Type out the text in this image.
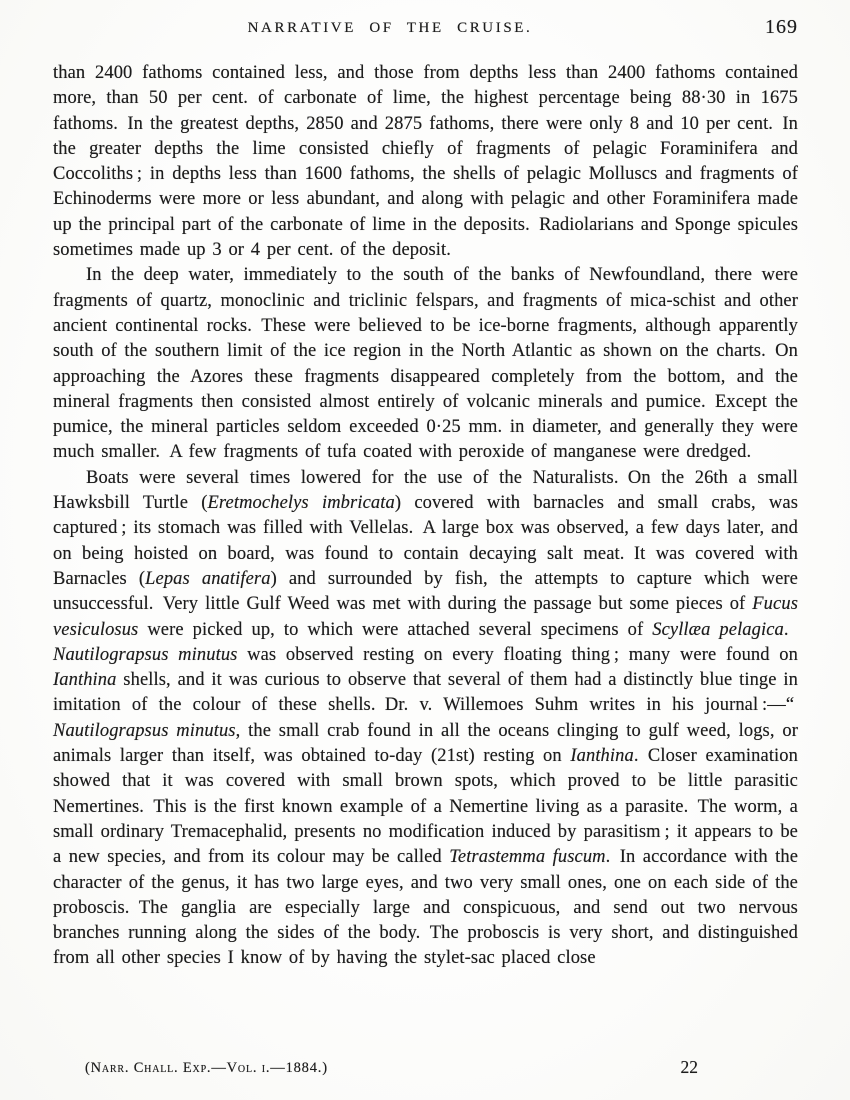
NARRATIVE OF THE CRUISE.	169

than 2400 fathoms contained less, and those from depths less than 2400 fathoms contained more, than 50 per cent. of carbonate of lime, the highest percentage being 88·30 in 1675 fathoms. In the greatest depths, 2850 and 2875 fathoms, there were only 8 and 10 per cent. In the greater depths the lime consisted chiefly of fragments of pelagic Foraminifera and Coccoliths ; in depths less than 1600 fathoms, the shells of pelagic Molluscs and fragments of Echinoderms were more or less abundant, and along with pelagic and other Foraminifera made up the principal part of the carbonate of lime in the deposits. Radiolarians and Sponge spicules sometimes made up 3 or 4 per cent. of the deposit.

In the deep water, immediately to the south of the banks of Newfoundland, there were fragments of quartz, monoclinic and triclinic felspars, and fragments of mica-schist and other ancient continental rocks. These were believed to be ice-borne fragments, although apparently south of the southern limit of the ice region in the North Atlantic as shown on the charts. On approaching the Azores these fragments disappeared completely from the bottom, and the mineral fragments then consisted almost entirely of volcanic minerals and pumice. Except the pumice, the mineral particles seldom exceeded 0·25 mm. in diameter, and generally they were much smaller. A few fragments of tufa coated with peroxide of manganese were dredged.

Boats were several times lowered for the use of the Naturalists. On the 26th a small Hawksbill Turtle (Eretmochelys imbricata) covered with barnacles and small crabs, was captured ; its stomach was filled with Vellelas. A large box was observed, a few days later, and on being hoisted on board, was found to contain decaying salt meat. It was covered with Barnacles (Lepas anatifera) and surrounded by fish, the attempts to capture which were unsuccessful. Very little Gulf Weed was met with during the passage but some pieces of Fucus vesiculosus were picked up, to which were attached several specimens of Scyllæa pelagica. Nautilograpsus minutus was observed resting on every floating thing ; many were found on Ianthina shells, and it was curious to observe that several of them had a distinctly blue tinge in imitation of the colour of these shells. Dr. v. Willemoes Suhm writes in his journal :—“ Nautilograpsus minutus, the small crab found in all the oceans clinging to gulf weed, logs, or animals larger than itself, was obtained to-day (21st) resting on Ianthina. Closer examination showed that it was covered with small brown spots, which proved to be little parasitic Nemertines. This is the first known example of a Nemertine living as a parasite. The worm, a small ordinary Tremacephalid, presents no modification induced by parasitism ; it appears to be a new species, and from its colour may be called Tetrastemma fuscum. In accordance with the character of the genus, it has two large eyes, and two very small ones, one on each side of the proboscis. The ganglia are especially large and conspicuous, and send out two nervous branches running along the sides of the body. The proboscis is very short, and distinguished from all other species I know of by having the stylet-sac placed close

(Narr. Chall. Exp.—Vol. i.—1884.)	22
